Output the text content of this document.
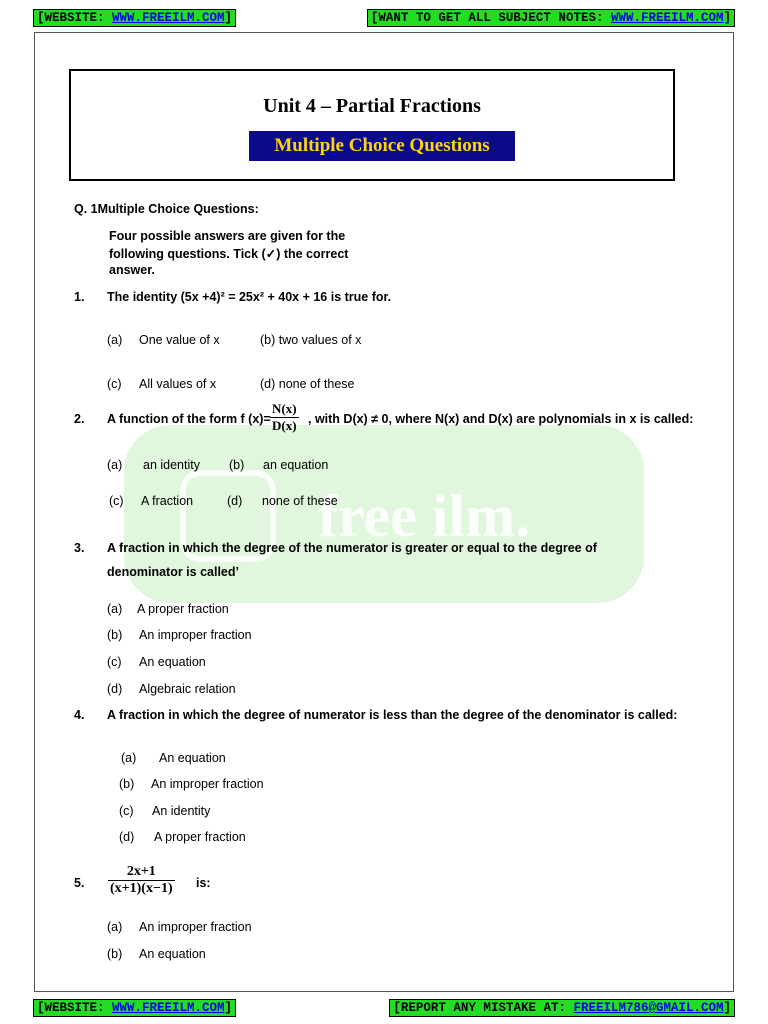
[WEBSITE: WWW.FREEILM.COM]	[WANT TO GET ALL SUBJECT NOTES: WWW.FREEILM.COM]
[WEBSITE: WWW.FREEILM.COM]	[REPORT ANY MISTAKE AT: FREEILM786@GMAIL.COM]
free ilm.
Unit 4 – Partial Fractions
Multiple Choice Questions
Q. 1Multiple Choice Questions:
Four possible answers are given for the
following questions. Tick (✓) the correct
answer.
1. The identity (5x +4)² = 25x² + 40x + 16 is true for.
(a) One value of x	(b) two values of x
(c) All values of x	(d) none of these
2. A function of the form f $(x)= \frac{N(x)}{D(x)}$ , with D(x) ≠ 0, where N(x) and D(x) are polynomials in x is called:
(a) an identity (b) an equation
(c) A fraction	(d) none of these
3. A fraction in which the degree of the numerator is greater or equal to the degree of
denominator is called’
(a) A proper fraction
(b) An improper fraction
(c) An equation
(d) Algebraic relation
4. A fraction in which the degree of numerator is less than the degree of the denominator is called:
(a) An equation
(b) An improper fraction
(c) An identity
(d) A proper fraction
5. $\frac{2x+1}{(x+1)(x-1)}$ is:
(a) An improper fraction
(b) An equation
